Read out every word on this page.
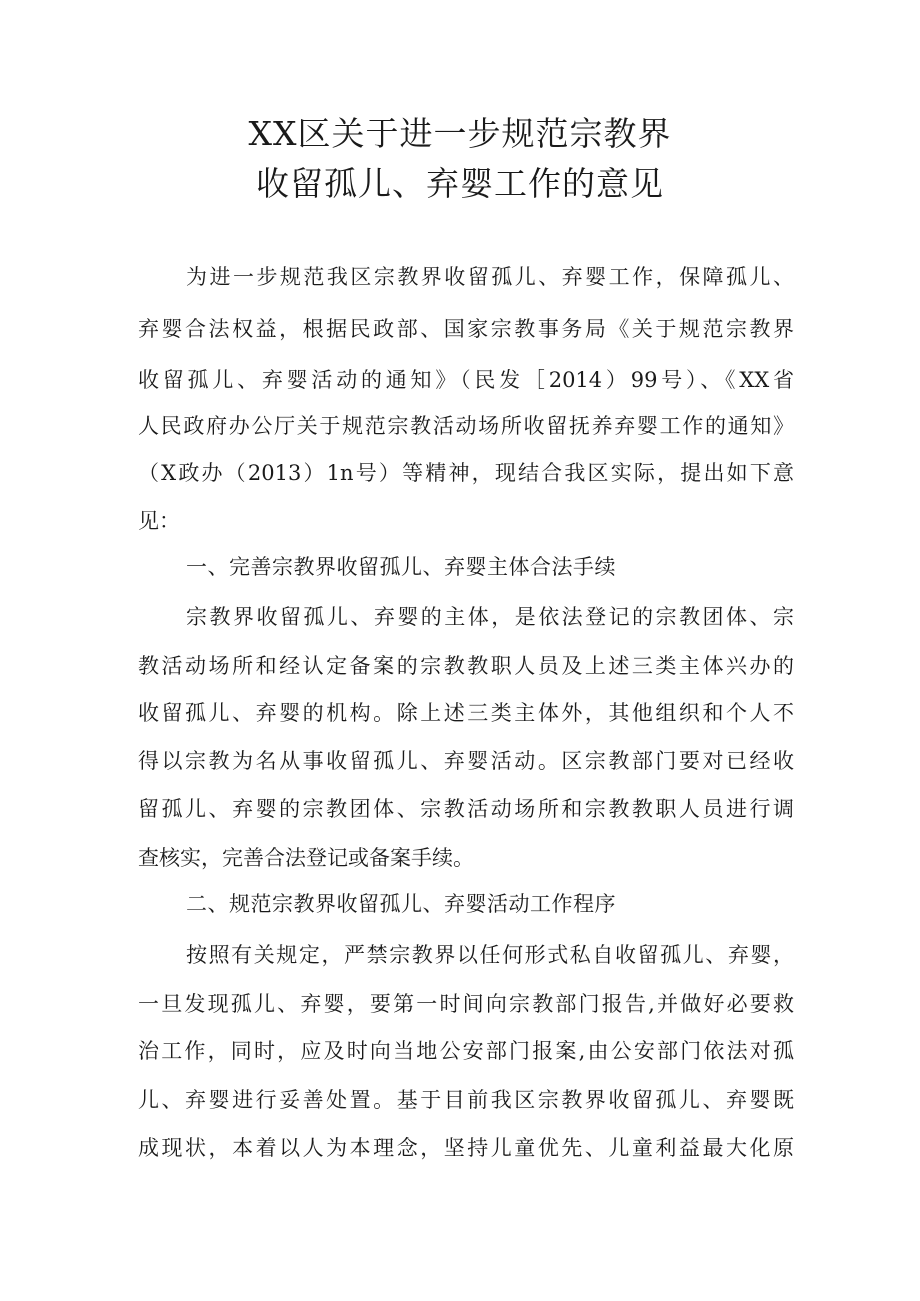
XX区关于进一步规范宗教界
收留孤儿、弃婴工作的意见
为进一步规范我区宗教界收留孤儿、弃婴工作，保障孤儿、
弃婴合法权益，根据民政部、国家宗教事务局《关于规范宗教界
收留孤儿、弃婴活动的通知》（民发［2014）99号）、《XX省
人民政府办公厅关于规范宗教活动场所收留抚养弃婴工作的通知》
（X政办（2013）1n号）等精神，现结合我区实际，提出如下意
见：
一、完善宗教界收留孤儿、弃婴主体合法手续
宗教界收留孤儿、弃婴的主体，是依法登记的宗教团体、宗
教活动场所和经认定备案的宗教教职人员及上述三类主体兴办的
收留孤儿、弃婴的机构。除上述三类主体外，其他组织和个人不
得以宗教为名从事收留孤儿、弃婴活动。区宗教部门要对已经收
留孤儿、弃婴的宗教团体、宗教活动场所和宗教教职人员进行调
查核实，完善合法登记或备案手续。
二、规范宗教界收留孤儿、弃婴活动工作程序
按照有关规定，严禁宗教界以任何形式私自收留孤儿、弃婴，
一旦发现孤儿、弃婴，要第一时间向宗教部门报告,并做好必要救
治工作，同时，应及时向当地公安部门报案,由公安部门依法对孤
儿、弃婴进行妥善处置。基于目前我区宗教界收留孤儿、弃婴既
成现状，本着以人为本理念，坚持儿童优先、儿童利益最大化原
